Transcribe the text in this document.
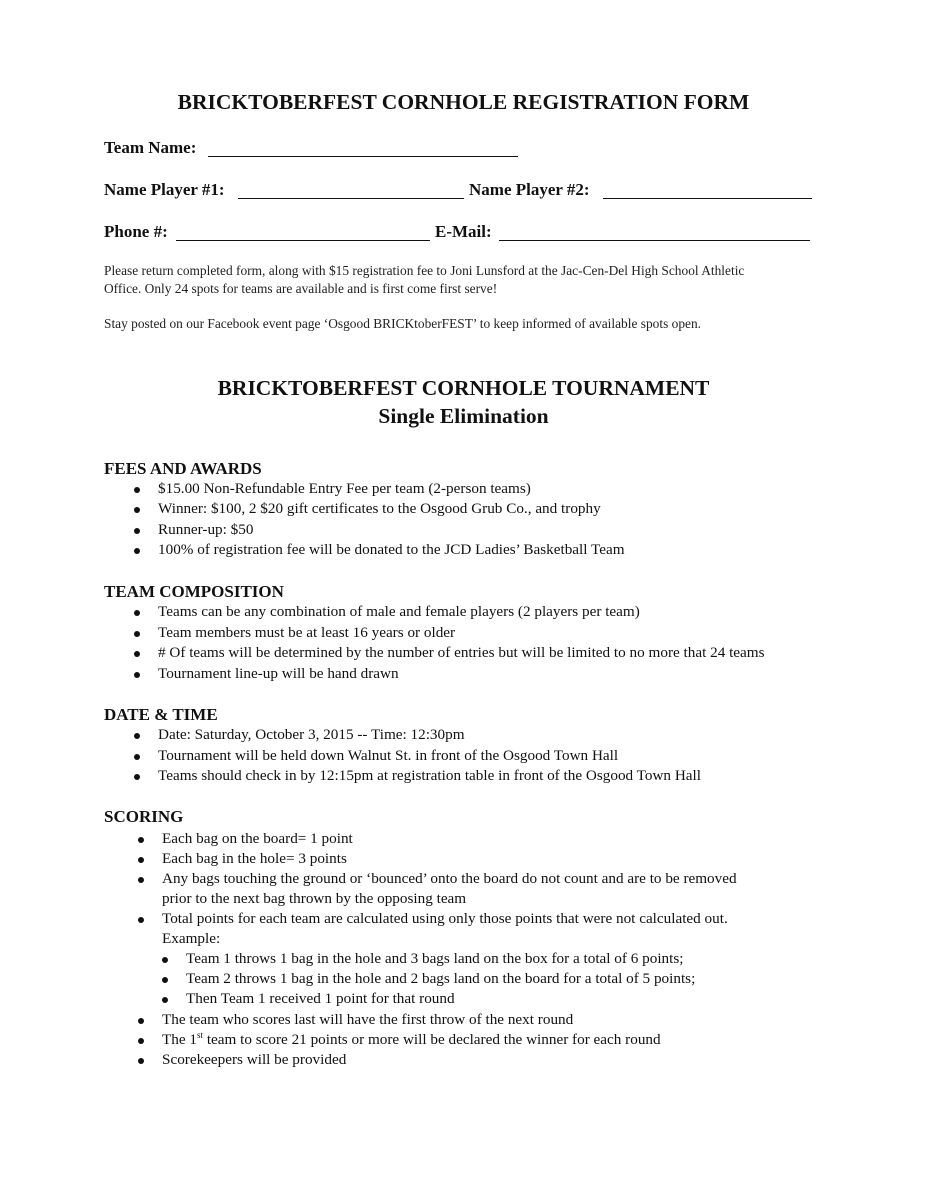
BRICKTOBERFEST CORNHOLE REGISTRATION FORM
Team Name:
Name Player #1:	Name Player #2:
Phone #:	E-Mail:
Please return completed form, along with $15 registration fee to Joni Lunsford at the Jac-Cen-Del High School Athletic
Office. Only 24 spots for teams are available and is first come first serve!
Stay posted on our Facebook event page ‘Osgood BRICKtoberFEST’ to keep informed of available spots open.
BRICKTOBERFEST CORNHOLE TOURNAMENT
Single Elimination
FEES AND AWARDS
$15.00 Non-Refundable Entry Fee per team (2-person teams)
Winner: $100, 2 $20 gift certificates to the Osgood Grub Co., and trophy
Runner-up: $50
100% of registration fee will be donated to the JCD Ladies’ Basketball Team
TEAM COMPOSITION
Teams can be any combination of male and female players (2 players per team)
Team members must be at least 16 years or older
# Of teams will be determined by the number of entries but will be limited to no more that 24 teams
Tournament line-up will be hand drawn
DATE & TIME
Date: Saturday, October 3, 2015 -- Time: 12:30pm
Tournament will be held down Walnut St. in front of the Osgood Town Hall
Teams should check in by 12:15pm at registration table in front of the Osgood Town Hall
SCORING
Each bag on the board= 1 point
Each bag in the hole= 3 points
Any bags touching the ground or ‘bounced’ onto the board do not count and are to be removed
prior to the next bag thrown by the opposing team
Total points for each team are calculated using only those points that were not calculated out.
Example:
Team 1 throws 1 bag in the hole and 3 bags land on the box for a total of 6 points;
Team 2 throws 1 bag in the hole and 2 bags land on the board for a total of 5 points;
Then Team 1 received 1 point for that round
The team who scores last will have the first throw of the next round
The 1st team to score 21 points or more will be declared the winner for each round
Scorekeepers will be provided
